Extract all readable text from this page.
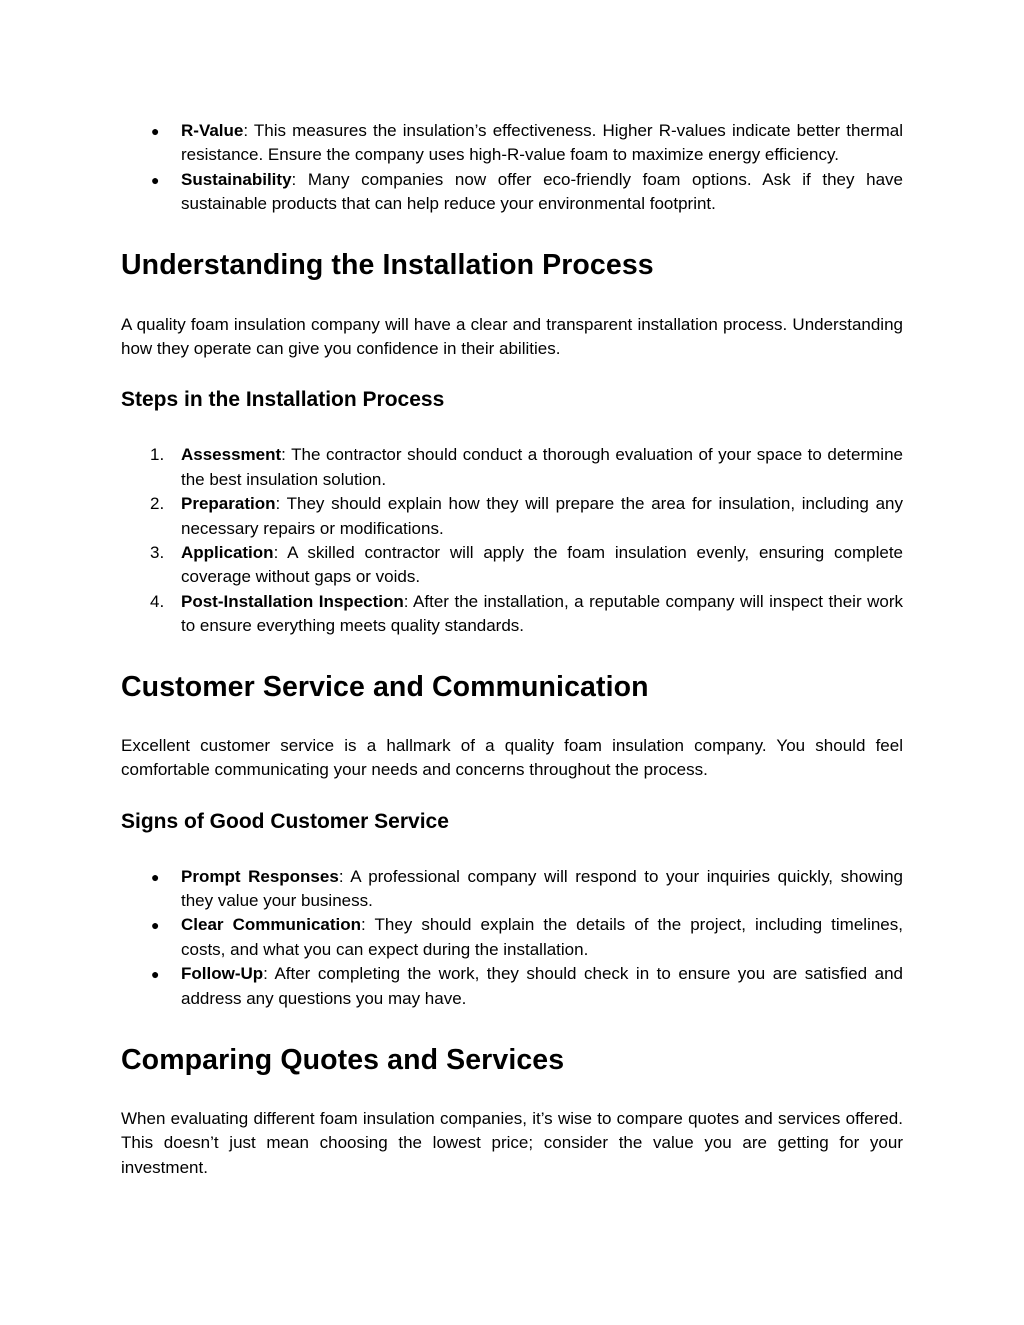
●	R-Value: This measures the insulation’s effectiveness. Higher R-values indicate better thermal resistance. Ensure the company uses high-R-value foam to maximize energy efficiency.
●	Sustainability: Many companies now offer eco-friendly foam options. Ask if they have sustainable products that can help reduce your environmental footprint.
Understanding the Installation Process

A quality foam insulation company will have a clear and transparent installation process. Understanding how they operate can give you confidence in their abilities.

Steps in the Installation Process
1. Assessment: The contractor should conduct a thorough evaluation of your space to determine the best insulation solution.
2. Preparation: They should explain how they will prepare the area for insulation, including any necessary repairs or modifications.
3. Application: A skilled contractor will apply the foam insulation evenly, ensuring complete coverage without gaps or voids.
4. Post-Installation Inspection: After the installation, a reputable company will inspect their work to ensure everything meets quality standards.
Customer Service and Communication

Excellent customer service is a hallmark of a quality foam insulation company. You should feel comfortable communicating your needs and concerns throughout the process.

Signs of Good Customer Service
●	Prompt Responses: A professional company will respond to your inquiries quickly, showing they value your business.
●	Clear Communication: They should explain the details of the project, including timelines, costs, and what you can expect during the installation.
●	Follow-Up: After completing the work, they should check in to ensure you are satisfied and address any questions you may have.
Comparing Quotes and Services

When evaluating different foam insulation companies, it’s wise to compare quotes and services offered. This doesn’t just mean choosing the lowest price; consider the value you are getting for your investment.
